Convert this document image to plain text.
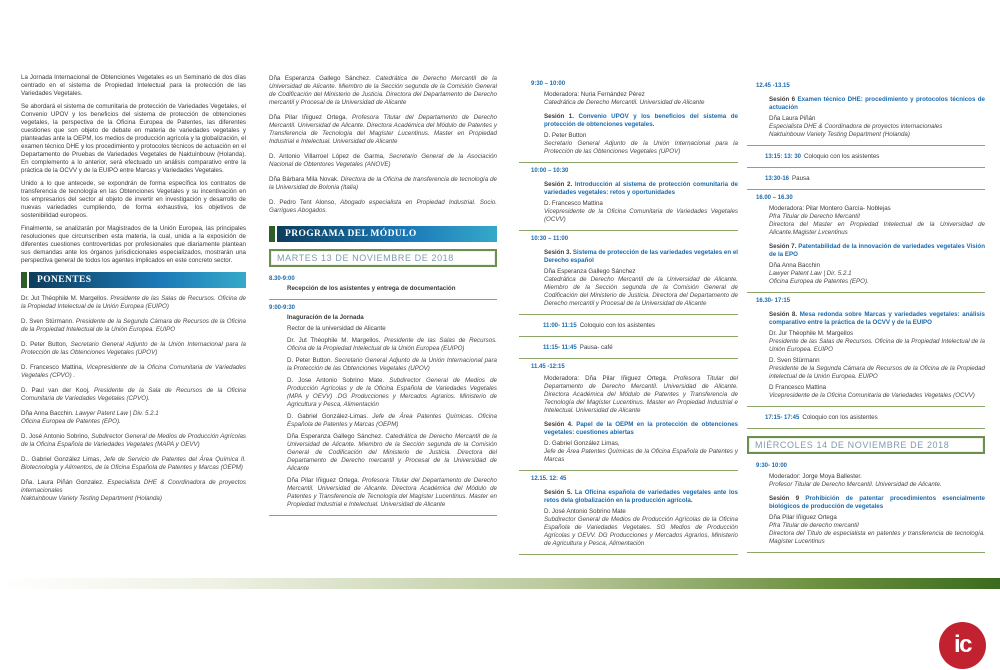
La Jornada Internacional de Obtenciones Vegetales es un Seminario de dos días centrado en el sistema de Propiedad Intelectual para la protección de las Variedades Vegetales.

Se abordará el sistema de comunitaria de protección de Variedades Vegetales, el Convenio UPOV y los beneficios del sistema de protección de obtenciones vegetales, la perspectiva de la Oficina Europea de Patentes, las diferentes cuestiones que son objeto de debate en materia de variedades vegetales y planteadas ante la OEPM, los medios de producción agrícola y la globalización, el examen técnico DHE y los procedimiento y protocolos técnicos de actuación en el Departamento de Pruebas de Variedades Vegetales de Naktuinbouw (Holanda). En complemento a lo anterior, será efectuado un análisis comparativo entre la práctica de la OCVV y de la EUIPO entre Marcas y Variedades Vegetales.

Unido a lo que antecede, se expondrán de forma específica los contratos de transferencia de tecnología en las Obtenciones Vegetales y su incentivación en los empresarios del sector al objeto de invertir en investigación y desarrollo de nuevas variedades cumpliendo, de forma exhaustiva, los objetivos de sostenibilidad europeos.

Finalmente, se analizarán por Magistrados de la Unión Europea, las principales resoluciones que circunscriben esta materia, la cual, unida a la exposición de diferentes cuestiones controvertidas por profesionales que diariamente plantean sus demandas ante los órganos jurisdiccionales especializados, mostrarán una perspectiva general de todos los agentes implicados en este concreto sector.

PONENTES

Dr. Jut Théophile M. Margellos. Presidente de las Salas de Recursos. Oficina de la Propiedad Intelectual de la Unión Europea (EUIPO)

D. Sven Stürmann. Presidente de la Segunda Cámara de Recursos de la Oficina de la Propiedad Intelectual de la Unión Europea. EUIPO

D. Peter Button, Secretario General Adjunto de la Unión Internacional para la Protección de las Obtenciones Vegetales (UPOV)

D. Francesco Mattina, Vicepresidente de la Oficina Comunitaria de Variedades Vegetales (CPVO) .

D. Paul van der Kooj, Presidente de la Sala de Recursos de la Oficina Comunitaria de Variedades Vegetales (CPVO).

Dña Anna Bacchin. Lawyer Patent Law | Div. 5.2.1
Oficina Europea de Patentes (EPO).

D. José Antonio Sobrino, Subdirector General de Medios de Producción Agrícolas de la Oficina Española de Variedades Vegetales (MAPA y OEVV)

D.. Gabriel González Limas, Jefe de Servicio de Patentes del Área Química II. Biotecnología y Alimentos, de la Oficina Española de Patentes y Marcas (OEPM)

Dña. Laura Piñán Gonzalez. Especialista DHE & Coordinadora de proyectos internacionales
Naktuinbouw Variety Testing Department (Holanda)

Dña Esperanza Gallego Sánchez. Catedrática de Derecho Mercantil de la Universidad de Alicante. Miembro de la Sección segunda de la Comisión General de Codificación del Ministerio de Justicia. Directora del Departamento de Derecho mercantil y Procesal de la Universidad de Alicante

Dña Pilar Iñiguez Ortega. Profesora Titular del Departamento de Derecho Mercantil. Universidad de Alicante. Directora Académica del Módulo de Patentes y Transferencia de Tecnología del Magíster Lucentinus. Master en Propiedad Industrial e Intelectual. Universidad de Alicante

D. Antonio Villarroel López de Garma, Secretario General de la Asociación Nacional de Obtentores Vegetales (ANOVE)

Dña Bárbara Mila Novak. Directora de la Oficina de transferencia de tecnología de la Universidad de Bolonia (Italia)

D. Pedro Tent Alonso, Abogado especialista en Propiedad Industrial. Socio. Garrigues Abogados.

PROGRAMA DEL MÓDULO
MARTES 13 DE NOVIEMBRE DE 2018
8.30-9:00

Recepción de los asistentes y entrega de documentación

9:00-9:30

Inaguración de la Jornada

Rector de la universidad de Alicante

Dr. Jut Théophile M. Margellos. Presidente de las Salas de Recursos. Oficina de la Propiedad Intelectual de la Unión Europea (EUIPO)

D. Peter Button. Secretario General Adjunto de la Unión Internacional para la Protección de las Obtenciones Vegetales (UPOV)

D. Jose Antonio Sobrino Mate. Subdirector General de Medios de Producción Agrícolas y de la Oficina Española de Variedades Vegetales (MPA y OEVV) .DG Producciones y Mercados Agrarios. Ministerio de Agricultura y Pesca, Alimentación

D. Gabriel González-Limas. Jefe de Área Patentes Químicas. Oficina Española de Patentes y Marcas (OEPM)

Dña Esperanza Gallego Sánchez. Catedrática de Derecho Mercantil de la Universidad de Alicante. Miembro de la Sección segunda de la Comisión General de Codificación del Ministerio de Justicia. Directora del Departamento de Derecho mercantil y Procesal de la Universidad de Alicante

Dña Pilar Iñiguez Ortega. Profesora Titular del Departamento de Derecho Mercantil. Universidad de Alicante. Directora Académica del Módulo de Patentes y Transferencia de Tecnología del Magíster Lucentinus. Master en Propiedad Industrial e Intelectual. Universidad de Alicante

9:30 – 10:00

Moderadora: Nuria Fernández Pérez

Catedrática de Derecho Mercantil. Universidad de Alicante

Sesión 1. Convenio UPOV y los beneficios del sistema de protección de obtenciones vegetales.

D. Peter Button

Secretario General Adjunto de la Unión Internacional para la Protección de las Obtenciones Vegetales (UPOV)

10:00 – 10:30

Sesión 2. Introducción al sistema de protección comunitaria de variedades vegetales: retos y oportunidades

D. Francesco Mattina

Vicepresidente de la Oficina Comunitaria de Variedades Vegetales (OCVV)

10:30 – 11:00

Sesión 3. Sistema de protección de las variedades vegetales en el Derecho español

Dña Esperanza Gallego Sánchez

Catedrática de Derecho Mercantil de la Universidad de Alicante. Miembro de la Sección segunda de la Comisión General de Codificación del Ministerio de Justicia. Directora del Departamento de Derecho mercantil y Procesal de la Universidad de Alicante

11:00- 11:15 Coloquio con los asistentes
11:15- 11:45 Pausa- café
11.45 -12:15

Moderadora: Dña Pilar Iñiguez Ortega. Profesora Titular del Departamento de Derecho Mercantil. Universidad de Alicante. Directora Académica del Módulo de Patentes y Transferencia de Tecnología del Magíster Lucentinus. Master en Propiedad Industrial e Intelectual. Universidad de Alicante

Sesión 4. Papel de la OEPM en la protección de obtenciones vegetales: cuestiones abiertas

D. Gabriel González Limas,

Jefe de Área Patentes Químicas de la Oficina Española de Patentes y Marcas

12.15. 12: 45

Sesión 5. La Oficina española de variedades vegetales ante los retos dela globalización en la producción agrícola.

D. José Antonio Sobrino Mate

Subdirector General de Medios de Producción Agrícolas de la Oficina Española de Variedades Vegetales. SG Medios de Producción Agrícolas y OEVV. DG Producciones y Mercados Agrarios, Ministerio de Agricultura y Pesca, Alimentación

12.45 -13.15

Sesión 6 Examen técnico DHE: procedimiento y protocolos técnicos de actuación

Dña Laura Piñán

Especialista DHE & Coordinadora de proyectos internacionales

Naktuinbouw Variety Testing Department (Holanda)

13:15: 13: 30 Coloquio con los asistentes
13:30-16 Pausa
16.00 – 16.30

Moderadora: Pilar Montero García- Noblejas

Pfra Titular de Derecho Mercantil

Directora del Master en Propiedad Intelectual de la Universidad de Alicante.Magister Lvcentinus

Sesión 7. Patentabilidad de la innovación de variedades vegetales Visión de la EPO

Dña Anna Bacchin

Lawyer Patent Law | Dir. 5.2.1

Oficina Europea de Patentes (EPO).

16.30- 17:15

Sesión 8. Mesa redonda sobre Marcas y variedades vegetales: análisis comparativo entre la práctica de la OCVV y de la EUIPO

Dr. Jur Théophile M. Margellos

Presidente de las Salas de Recursos. Oficina de la Propiedad Intelectual de la Unión Europea. EUIPO

D. Sven Stürmann

Presidente de la Segunda Cámara de Recursos de la Oficina de la Propiedad intelectual de la Unión Europea. EUIPO

D Francesco Mattina

Vicepresidente de la Oficina Comunitaria de Variedades Vegetales (OCVV)

17:15- 17:45 Coloquio con los asistentes
MIÉRCOLES 14 DE NOVIEMBRE DE 2018
9:30- 10:00

Moderador: Jorge Moya Ballester.

Profesor Titular de Derecho Mercantil. Universidad de Alicante.

Sesión 9 Prohibición de patentar procedimientos esencialmente biológicos de producción de vegetales

Dña Pilar Iñiguez Ortega

Pfra Titular de derecho mercantil

Directora del Título de especialista en patentes y transferencia de tecnología. Magíster Lucentinus

ic
